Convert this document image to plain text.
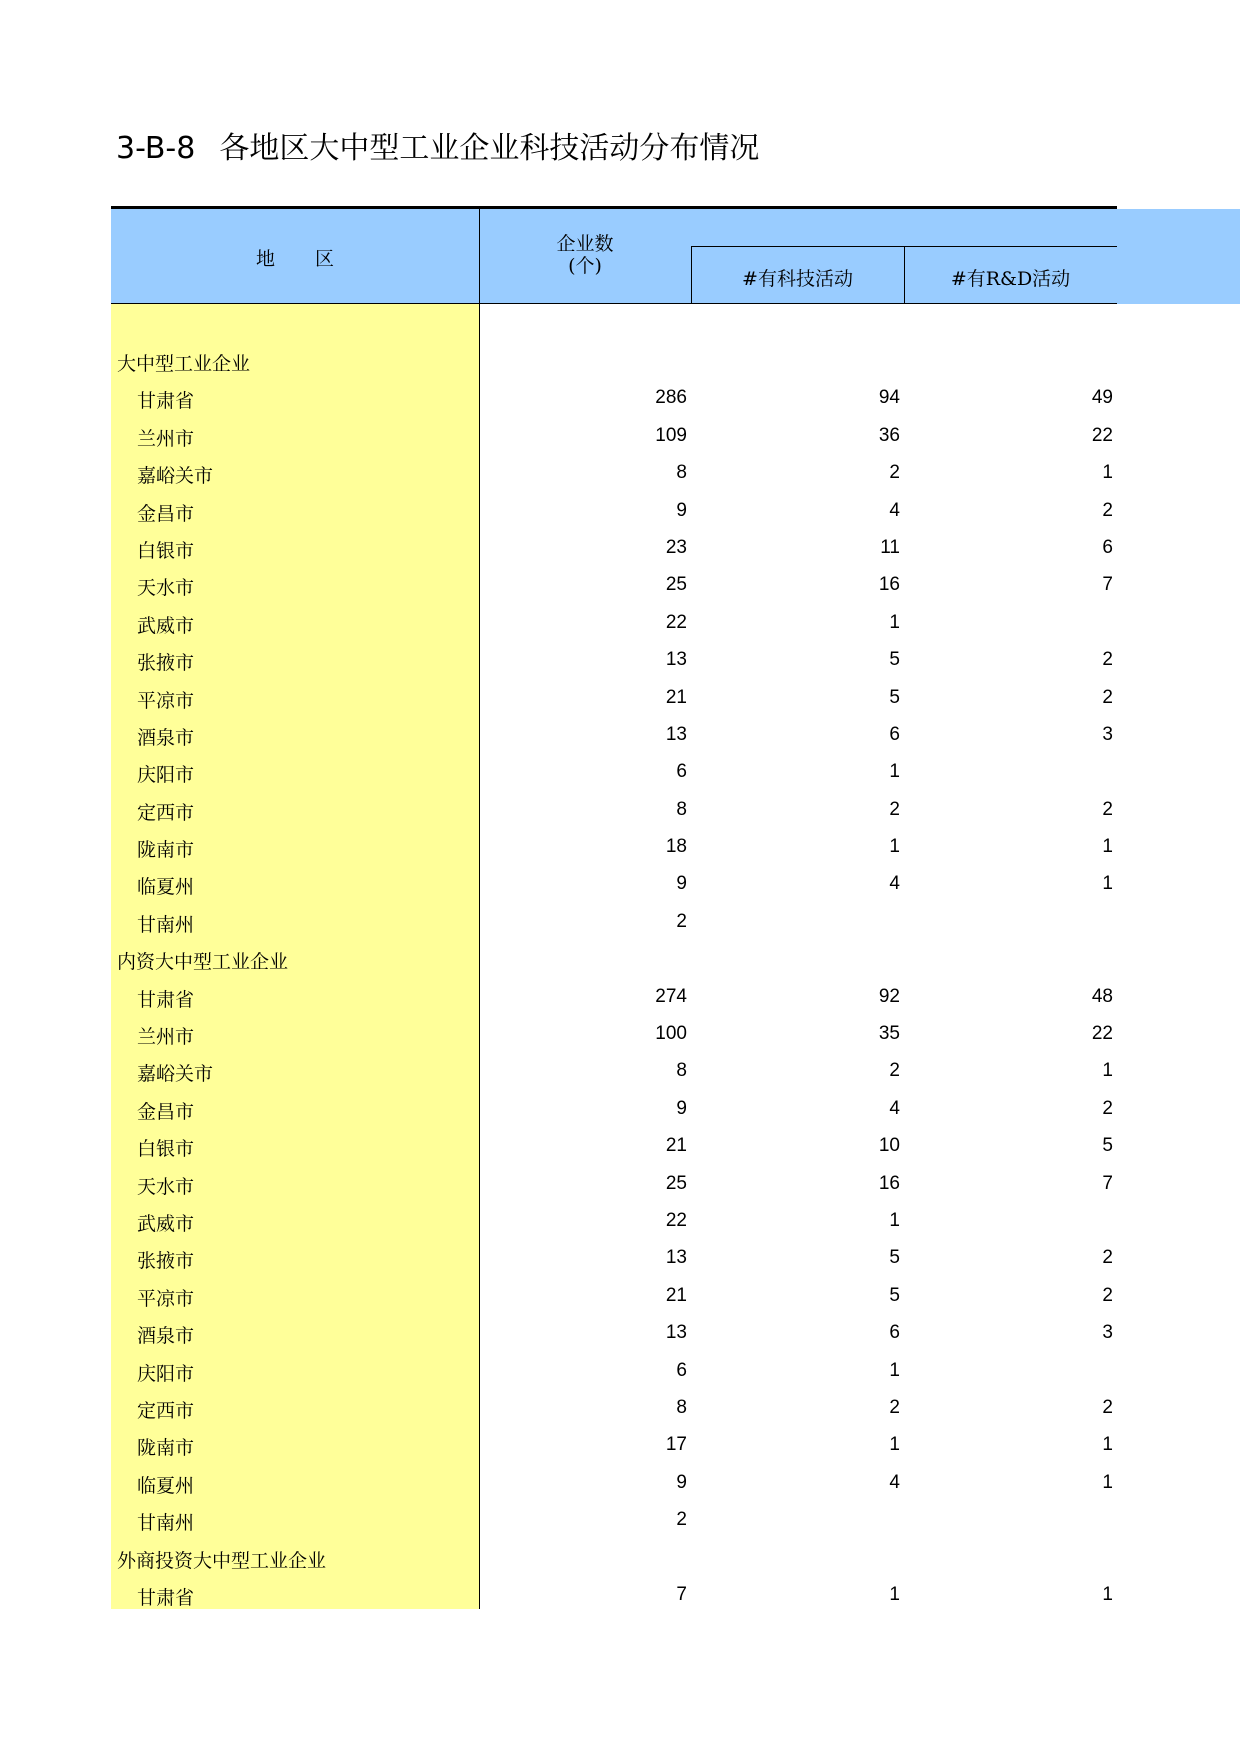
3-B-8 各地区大中型工业企业科技活动分布情况
地 区
企业数
(个)
#有科技活动	#有R&D活动
大中型工业企业
甘肃省	286	94	49
兰州市	109	36	22
嘉峪关市	8	2	1
金昌市	9	4	2
白银市	23	11	6
天水市	25	16	7
武威市	22	1
张掖市	13	5	2
平凉市	21	5	2
酒泉市	13	6	3
庆阳市	6	1
定西市	8	2	2
陇南市	18	1	1
临夏州	9	4	1
甘南州	2
内资大中型工业企业
甘肃省	274	92	48
兰州市	100	35	22
嘉峪关市	8	2	1
金昌市	9	4	2
白银市	21	10	5
天水市	25	16	7
武威市	22	1
张掖市	13	5	2
平凉市	21	5	2
酒泉市	13	6	3
庆阳市	6	1
定西市	8	2	2
陇南市	17	1	1
临夏州	9	4	1
甘南州	2
外商投资大中型工业企业
甘肃省	7	1	1
